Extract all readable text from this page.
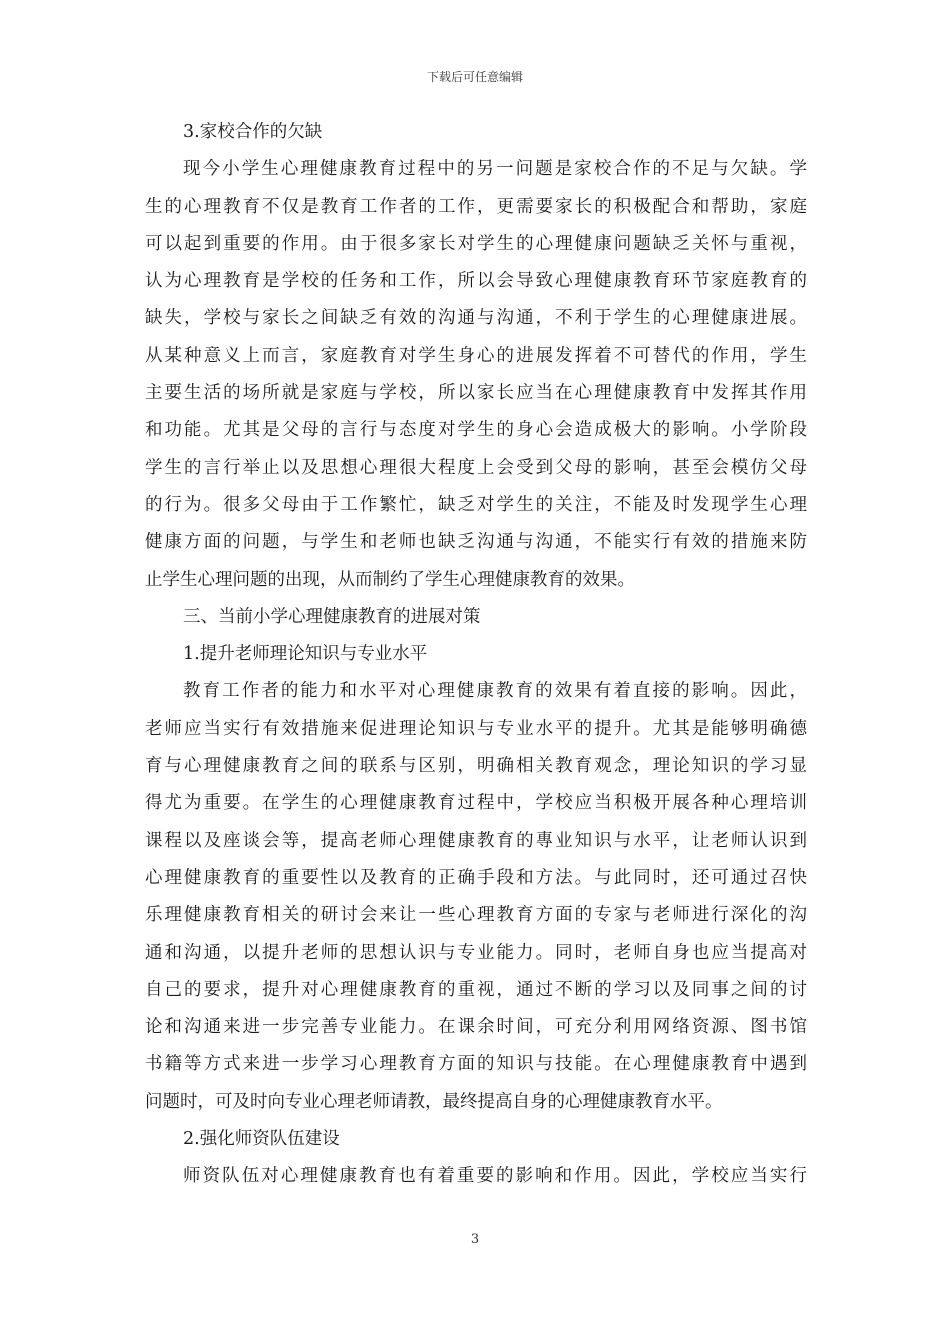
下载后可任意编辑
3.家校合作的欠缺
现今小学生心理健康教育过程中的另一问题是家校合作的不足与欠缺。学
生的心理教育不仅是教育工作者的工作，更需要家长的积极配合和帮助，家庭
可以起到重要的作用。由于很多家长对学生的心理健康问题缺乏关怀与重视，
认为心理教育是学校的任务和工作，所以会导致心理健康教育环节家庭教育的
缺失，学校与家长之间缺乏有效的沟通与沟通，不利于学生的心理健康进展。
从某种意义上而言，家庭教育对学生身心的进展发挥着不可替代的作用，学生
主要生活的场所就是家庭与学校，所以家长应当在心理健康教育中发挥其作用
和功能。尤其是父母的言行与态度对学生的身心会造成极大的影响。小学阶段
学生的言行举止以及思想心理很大程度上会受到父母的影响，甚至会模仿父母
的行为。很多父母由于工作繁忙，缺乏对学生的关注，不能及时发现学生心理
健康方面的问题，与学生和老师也缺乏沟通与沟通，不能实行有效的措施来防
止学生心理问题的出现，从而制约了学生心理健康教育的效果。
三、当前小学心理健康教育的进展对策
1.提升老师理论知识与专业水平
教育工作者的能力和水平对心理健康教育的效果有着直接的影响。因此，
老师应当实行有效措施来促进理论知识与专业水平的提升。尤其是能够明确德
育与心理健康教育之间的联系与区别，明确相关教育观念，理论知识的学习显
得尤为重要。在学生的心理健康教育过程中，学校应当积极开展各种心理培训
课程以及座谈会等，提高老师心理健康教育的專业知识与水平，让老师认识到
心理健康教育的重要性以及教育的正确手段和方法。与此同时，还可通过召快
乐理健康教育相关的研讨会来让一些心理教育方面的专家与老师进行深化的沟
通和沟通，以提升老师的思想认识与专业能力。同时，老师自身也应当提高对
自己的要求，提升对心理健康教育的重视，通过不断的学习以及同事之间的讨
论和沟通来进一步完善专业能力。在课余时间，可充分利用网络资源、图书馆
书籍等方式来进一步学习心理教育方面的知识与技能。在心理健康教育中遇到
问题时，可及时向专业心理老师请教，最终提高自身的心理健康教育水平。
2.强化师资队伍建设
师资队伍对心理健康教育也有着重要的影响和作用。因此，学校应当实行
3
